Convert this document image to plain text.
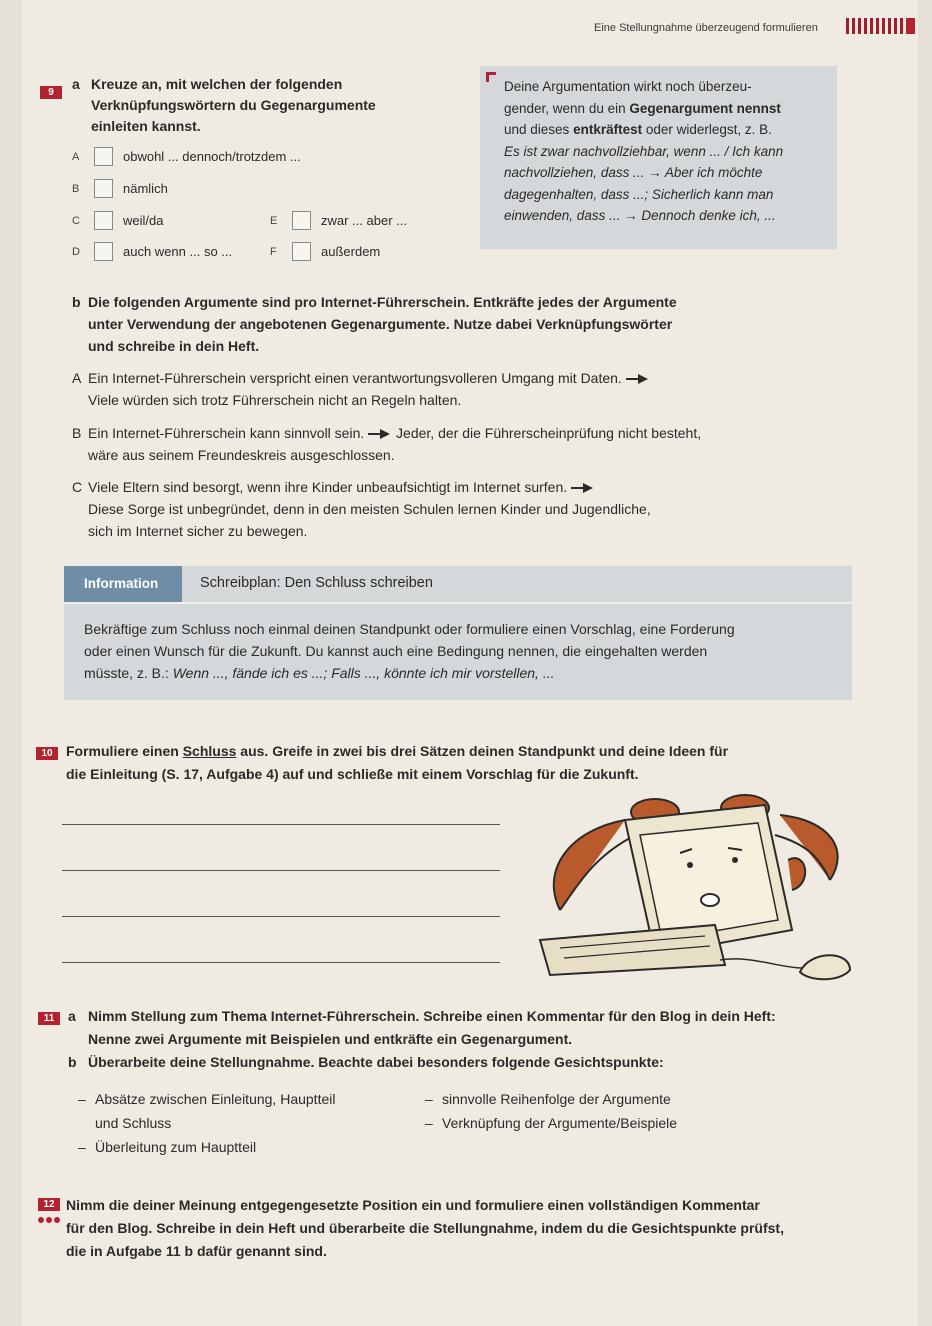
Eine Stellungnahme überzeugend formulieren
9
a Kreuze an, mit welchen der folgenden
Verknüpfungswörtern du Gegenargumente
einleiten kannst.
A	obwohl ... dennoch/trotzdem ...
B	nämlich
C	weil/da
D	auch wenn ... so ...
E	zwar ... aber ...
F	außerdem

Deine Argumentation wirkt noch überzeu-

gender, wenn du ein Gegenargument nennst

und dieses entkräftest oder widerlegst, z. B.

Es ist zwar nachvollziehbar, wenn ... / Ich kann

nachvollziehen, dass ... → Aber ich möchte

dagegenhalten, dass ...; Sicherlich kann man

einwenden, dass ... → Dennoch denke ich, ...

b Die folgenden Argumente sind pro Internet-Führerschein. Entkräfte jedes der Argumente
unter Verwendung der angebotenen Gegenargumente. Nutze dabei Verknüpfungswörter
und schreibe in dein Heft.
A Ein Internet-Führerschein verspricht einen verantwortungsvolleren Umgang mit Daten.
Viele würden sich trotz Führerschein nicht an Regeln halten.
B Ein Internet-Führerschein kann sinnvoll sein. Jeder, der die Führerscheinprüfung nicht besteht,
wäre aus seinem Freundeskreis ausgeschlossen.
C Viele Eltern sind besorgt, wenn ihre Kinder unbeaufsichtigt im Internet surfen.
Diese Sorge ist unbegründet, denn in den meisten Schulen lernen Kinder und Jugendliche,
sich im Internet sicher zu bewegen.
Information	Schreibplan: Den Schluss schreiben
Bekräftige zum Schluss noch einmal deinen Standpunkt oder formuliere einen Vorschlag, eine Forderung
oder einen Wunsch für die Zukunft. Du kannst auch eine Bedingung nennen, die eingehalten werden
müsste, z. B.: Wenn ..., fände ich es ...; Falls ..., könnte ich mir vorstellen, ...
10 Formuliere einen Schluss aus. Greife in zwei bis drei Sätzen deinen Standpunkt und deine Ideen für
die Einleitung (S. 17, Aufgabe 4) auf und schließe mit einem Vorschlag für die Zukunft.
11 a Nimm Stellung zum Thema Internet-Führerschein. Schreibe einen Kommentar für den Blog in dein Heft:
Nenne zwei Argumente mit Beispielen und entkräfte ein Gegenargument.
b Überarbeite deine Stellungnahme. Beachte dabei besonders folgende Gesichtspunkte:
– Absätze zwischen Einleitung, Hauptteil
und Schluss
– Überleitung zum Hauptteil
– sinnvolle Reihenfolge der Argumente
– Verknüpfung der Argumente/Beispiele
12 Nimm die deiner Meinung entgegengesetzte Position ein und formuliere einen vollständigen Kommentar
für den Blog. Schreibe in dein Heft und überarbeite die Stellungnahme, indem du die Gesichtspunkte prüfst,
die in Aufgabe 11 b dafür genannt sind.
